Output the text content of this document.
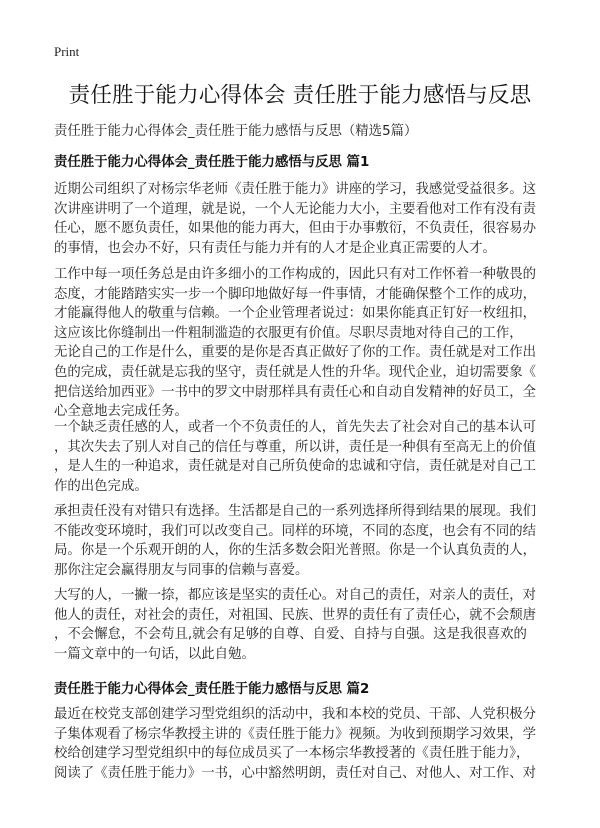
Print
责任胜于能力心得体会 责任胜于能力感悟与反思
责任胜于能力心得体会_责任胜于能力感悟与反思（精选5篇）
责任胜于能力心得体会_责任胜于能力感悟与反思 篇1
近期公司组织了对杨宗华老师《责任胜于能力》讲座的学习，我感觉受益很多。这
次讲座讲明了一个道理，就是说，一个人无论能力大小，主要看他对工作有没有责
任心，愿不愿负责任，如果他的能力再大，但由于办事敷衍，不负责任，很容易办
的事情，也会办不好，只有责任与能力并有的人才是企业真正需要的人才。
工作中每一项任务总是由许多细小的工作构成的，因此只有对工作怀着一种敬畏的
态度，才能踏踏实实一步一个脚印地做好每一件事情，才能确保整个工作的成功，
才能赢得他人的敬重与信赖。一个企业管理者说过：如果你能真正钉好一枚纽扣，
这应该比你缝制出一件粗制滥造的衣服更有价值。尽职尽责地对待自己的工作，
无论自己的工作是什么，重要的是你是否真正做好了你的工作。责任就是对工作出
色的完成，责任就是忘我的坚守，责任就是人性的升华。现代企业，迫切需要象《
把信送给加西亚》一书中的罗文中尉那样具有责任心和自动自发精神的好员工，全
心全意地去完成任务。
一个缺乏责任感的人，或者一个不负责任的人，首先失去了社会对自己的基本认可
，其次失去了别人对自己的信任与尊重，所以讲，责任是一种俱有至高无上的价值
，是人生的一种追求，责任就是对自己所负使命的忠诚和守信，责任就是对自己工
作的出色完成。
承担责任没有对错只有选择。生活都是自己的一系列选择所得到结果的展现。我们
不能改变环境时，我们可以改变自己。同样的环境，不同的态度，也会有不同的结
局。你是一个乐观开朗的人，你的生活多数会阳光普照。你是一个认真负责的人，
那你注定会赢得朋友与同事的信赖与喜爱。
大写的人，一撇一捺，都应该是坚实的责任心。对自己的责任，对亲人的责任，对
他人的责任，对社会的责任，对祖国、民族、世界的责任有了责任心，就不会颓唐
，不会懈怠，不会苟且,就会有足够的自尊、自爱、自持与自强。这是我很喜欢的
一篇文章中的一句话，以此自勉。
责任胜于能力心得体会_责任胜于能力感悟与反思 篇2
最近在校党支部创建学习型党组织的活动中，我和本校的党员、干部、人党积极分
子集体观看了杨宗华教授主讲的《责任胜于能力》视频。为收到预期学习效果，学
校给创建学习型党组织中的每位成员买了一本杨宗华教授著的《责任胜于能力》，
阅读了《责任胜于能力》一书，心中豁然明朗，责任对自己、对他人、对工作、对
